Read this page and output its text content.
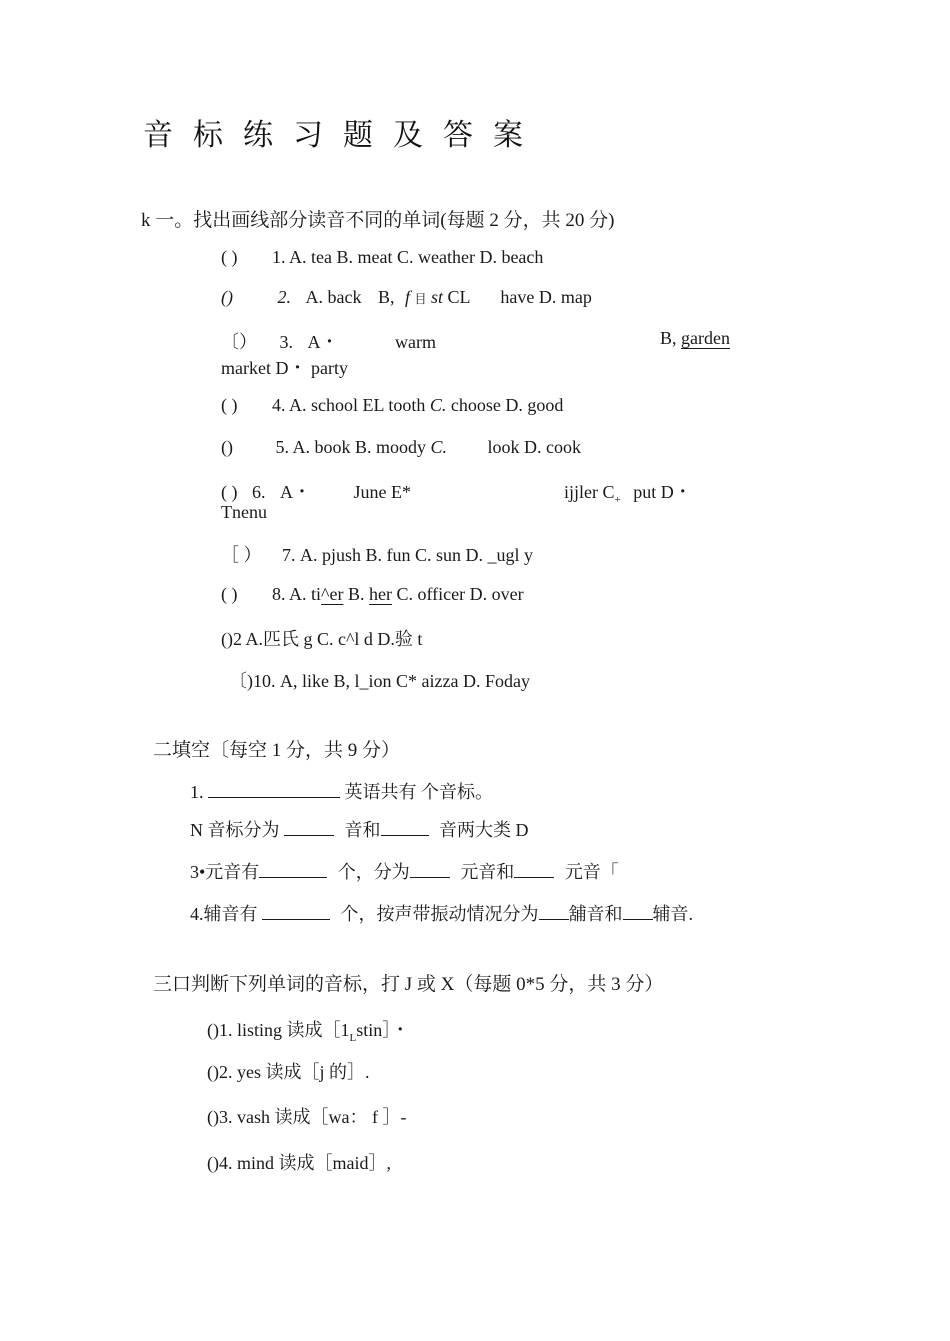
音标练习题及答案
k 一。找出画线部分读音不同的单词(每题 2 分，共 20 分)
( ) 1. A. tea B. meat C. weather D. beach
() 2. A. back B, f 目 st CL have D. map
〔） 3. A・	warm	B, garden
market D・ party
( ) 4. A. school EL tooth C. choose D. good
() 5. A. book B. moody C. look D. cook
( ) 6. A・ June E*	ijjler $C_+$ put D・
Tnenu
［ ） 7. A. pjush B. fun C. sun D. _ugl y
( ) 8. A. ti^er B. her C. officer D. over
()2 A.匹氏 g C. c^l d D.验 t
〔)10. A, like B, l_ion C* aizza D. Foday
二填空〔每空 1 分，共 9 分）
1.	英语共有 个音标。
N 音标分为	音和	音两大类 D
3•元音有	个，分为	元音和	元音「
4.辅音有	个，按声带振动情况分为 舖音和 辅音.
三口判断下列单词的音标，打 J 或 X（每题 0*5 分，共 3 分）
()1. listing 读成$[1_Lstin]$・
()2. yes 读成［j 的］.
()3. vash 读成［wa： f ］-
()4. mind 读成［maid］,
